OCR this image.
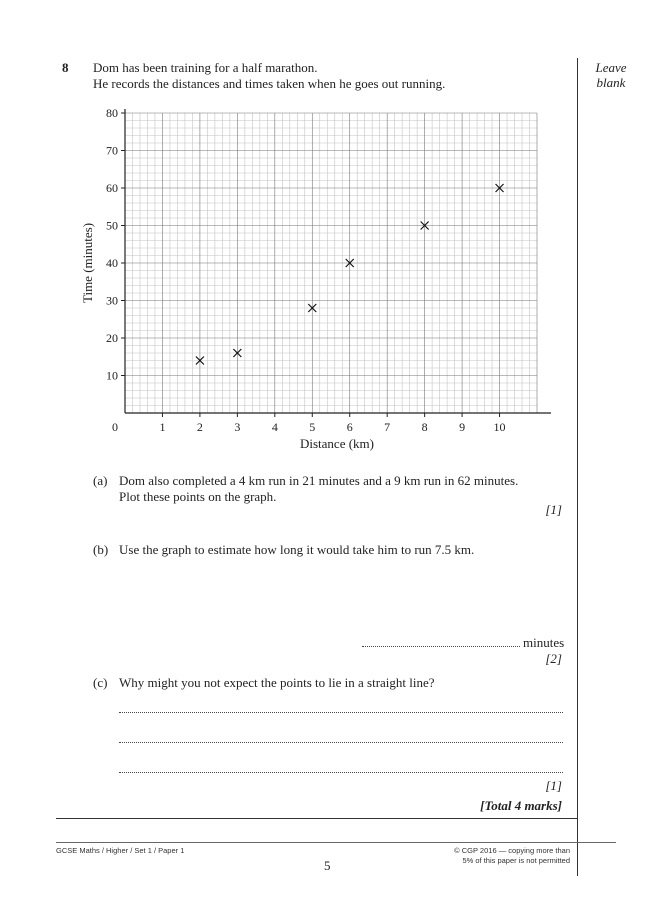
Leave blank
8 Dom has been training for a half marathon.
He records the distances and times taken when he goes out running.
1	2	3	4	5	6	7	8	9 10
10
20
30
40
50
60
70
80
0
Distance (km)
Time (minutes)
(a) Dom also completed a 4 km run in 21 minutes and a 9 km run in 62 minutes.
Plot these points on the graph.
[1]
(b) Use the graph to estimate how long it would take him to run 7.5 km.
minutes
[2]
(c) Why might you not expect the points to lie in a straight line?
[1]
[Total 4 marks]
GCSE Maths / Higher / Set 1 / Paper 1
5
© CGP 2016 — copying more than
5% of this paper is not permitted
